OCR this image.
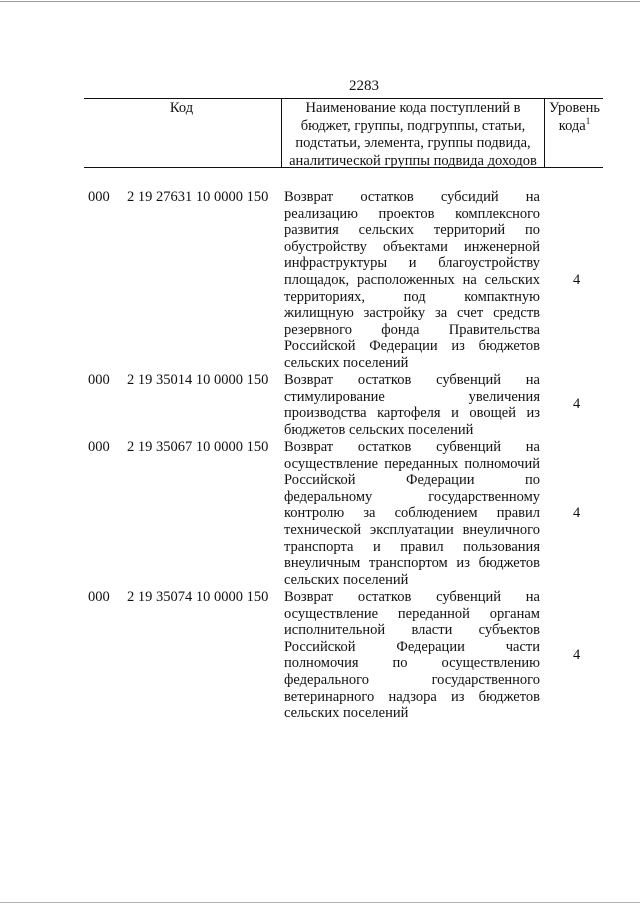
2283
Код	Наименование кода поступлений в
бюджет, группы, подгруппы, статьи,
подстатьи, элемента, группы подвида,
аналитической группы подвида доходов
Уровень
кода$^1$
000 2 19 27631 10 0000 150 Возврат остатков субсидий на
реализацию проектов комплексного
развития сельских территорий по
обустройству объектами инженерной
инфраструктуры и благоустройству
площадок, расположенных на сельских
территориях, под компактную
жилищную застройку за счет средств
резервного фонда Правительства
Российской Федерации из бюджетов
сельских поселений
4
000 2 19 35014 10 0000 150 Возврат остатков субвенций на
стимулирование увеличения
производства картофеля и овощей из
бюджетов сельских поселений
4
000 2 19 35067 10 0000 150 Возврат остатков субвенций на
осуществление переданных полномочий
Российской Федерации по
федеральному государственному
контролю за соблюдением правил
технической эксплуатации внеуличного
транспорта и правил пользования
внеуличным транспортом из бюджетов
сельских поселений
4
000 2 19 35074 10 0000 150 Возврат остатков субвенций на
осуществление переданной органам
исполнительной власти субъектов
Российской Федерации части
полномочия по осуществлению
федерального государственного
ветеринарного надзора из бюджетов
сельских поселений
4
